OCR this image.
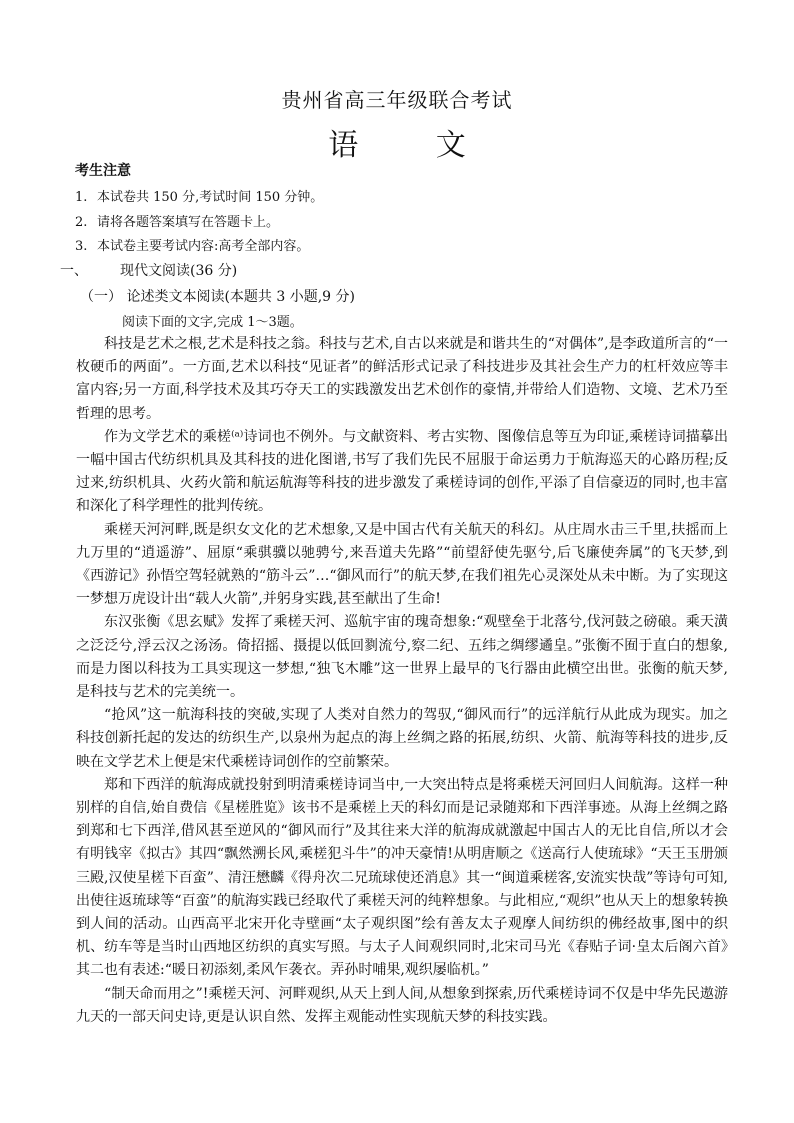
贵州省高三年级联合考试
语 文
考生注意
1. 本试卷共 150 分,考试时间 150 分钟。
2. 请将各题答案填写在答题卡上。
3. 本试卷主要考试内容:高考全部内容。
一、 现代文阅读(36 分)
（一） 论述类文本阅读(本题共 3 小题,9 分)
阅读下面的文字,完成 1～3题。

科技是艺术之根,艺术是科技之翁。科技与艺术,自古以来就是和谐共生的“对偶体”,是李政道所言的“一枚硬币的两面”。一方面,艺术以科技“见证者”的鲜活形式记录了科技进步及其社会生产力的杠杆效应等丰富内容;另一方面,科学技术及其巧夺天工的实践激发出艺术创作的豪情,并带给人们造物、文境、艺术乃至哲理的思考。

作为文学艺术的乘槎⁽ᵃ⁾诗词也不例外。与文献资料、考古实物、图像信息等互为印证,乘槎诗词描摹出一幅中国古代纺织机具及其科技的进化图谱,书写了我们先民不屈服于命运勇力于航海巡天的心路历程;反过来,纺织机具、火药火箭和航运航海等科技的进步激发了乘槎诗词的创作,平添了自信豪迈的同时,也丰富和深化了科学理性的批判传统。

乘槎天河河畔,既是织女文化的艺术想象,又是中国古代有关航天的科幻。从庄周水击三千里,扶摇而上九万里的“逍遥游”、屈原“乘骐骥以驰骋兮,来吾道夫先路”“前望舒使先驱兮,后飞廉使奔属”的飞天梦,到《西游记》孙悟空驾轻就熟的“筋斗云”…“御风而行”的航天梦,在我们祖先心灵深处从未中断。为了实现这一梦想万虎设计出“载人火箭”,并躬身实践,甚至献出了生命!

东汉张衡《思玄赋》发挥了乘槎天河、巡航宇宙的瑰奇想象:“观壁垒于北落兮,伐河鼓之磅硠。乘天潢之泛泛兮,浮云汉之汤汤。倚招摇、摄提以低回剹流兮,察二纪、五纬之绸缪遹皇。”张衡不囿于直白的想象,而是力图以科技为工具实现这一梦想,“独飞木雕”这一世界上最早的飞行器由此横空出世。张衡的航天梦,是科技与艺术的完美统一。

“抢风”这一航海科技的突破,实现了人类对自然力的驾驭,“御风而行”的远洋航行从此成为现实。加之科技创新托起的发达的纺织生产,以泉州为起点的海上丝绸之路的拓展,纺织、火箭、航海等科技的进步,反映在文学艺术上便是宋代乘槎诗词创作的空前繁荣。

郑和下西洋的航海成就投射到明清乘槎诗词当中,一大突出特点是将乘槎天河回归人间航海。这样一种别样的自信,始自费信《星槎胜览》该书不是乘槎上天的科幻而是记录随郑和下西洋事迹。从海上丝绸之路到郑和七下西洋,借风甚至逆风的“御风而行”及其往来大洋的航海成就激起中国古人的无比自信,所以才会有明钱宰《拟古》其四“飘然溯长风,乘槎犯斗牛”的冲天豪情!从明唐顺之《送高行人使琉球》“天王玉册颁三殿,汉使星槎下百蛮”、清汪懋麟《得舟次二兄琉球使还消息》其一“闽道乘槎客,安流实快哉”等诗句可知,出使往返琉球等“百蛮”的航海实践已经取代了乘槎天河的纯粹想象。与此相应,“观织”也从天上的想象转换到人间的活动。山西高平北宋开化寺壁画“太子观织图”绘有善友太子观摩人间纺织的佛经故事,图中的织机、纺车等是当时山西地区纺织的真实写照。与太子人间观织同时,北宋司马光《春贴子词·皇太后阁六首》其二也有表述:“暖日初添刻,柔风乍袭衣。弄孙时哺果,观织屡临机。”

“制天命而用之”!乘槎天河、河畔观织,从天上到人间,从想象到探索,历代乘槎诗词不仅是中华先民遨游九天的一部天问史诗,更是认识自然、发挥主观能动性实现航天梦的科技实践。
